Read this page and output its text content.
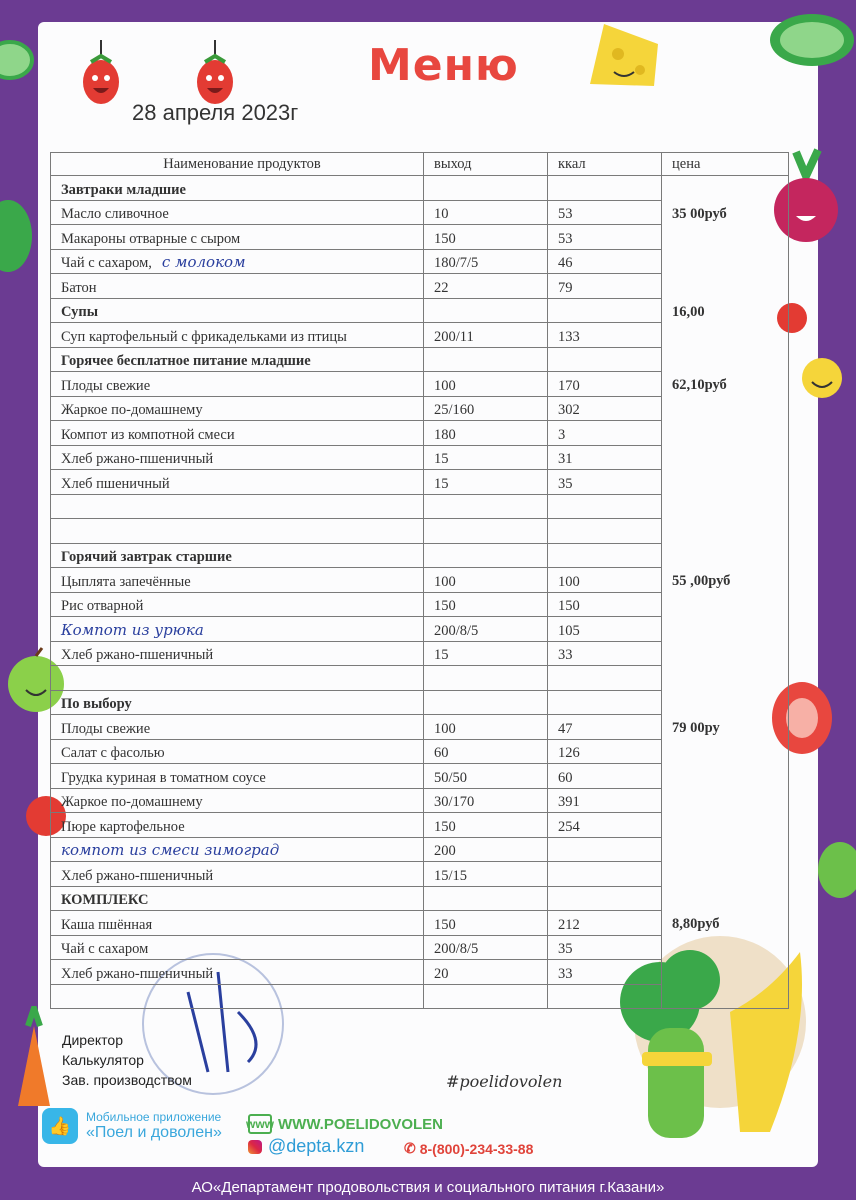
Меню
28 апреля 2023г
Наименование продуктов	выход	ккал	цена
Завтраки младшие			
Масло сливочное	10	53	35 00руб
Макароны отварные с сыром	150	53	
Чай с сахаром, с молоком	180/7/5	46	
Батон	22	79	
Супы			16,00
Суп картофельный с фрикадельками из птицы	200/11	133	
Горячее бесплатное питание младшие			
Плоды свежие	100	170	62,10руб
Жаркое по-домашнему	25/160	302	
Компот из компотной смеси	180	3	
Хлеб ржано-пшеничный	15	31	
Хлеб пшеничный	15	35	

Горячий завтрак старшие			
Цыплята запечённые	100	100	55 ,00руб
Рис отварной	150	150	
Компот из урюка	200/8/5	105	
Хлеб ржано-пшеничный	15	33	

По выбору			
Плоды свежие	100	47	79 00ру
Салат с фасолью	60	126	
Грудка куриная в томатном соусе	50/50	60	
Жаркое по-домашнему	30/170	391	
Пюре картофельное	150	254	
компот из смеси зимоград	200		
Хлеб ржано-пшеничный	15/15		
КОМПЛЕКС			
Каша пшённая	150	212	8,80руб
Чай с сахаром	200/8/5	35	
Хлеб ржано-пшеничный	20	33	

Директор
Калькулятор
Зав. производством	#poelidovolen
👍	Мобильное приложение
«Поел и доволен» www WWW.POELIDOVOLEN
@depta.kzn	✆ 8-(800)-234-33-88
АО«Департамент продовольствия и социального питания г.Казани»
